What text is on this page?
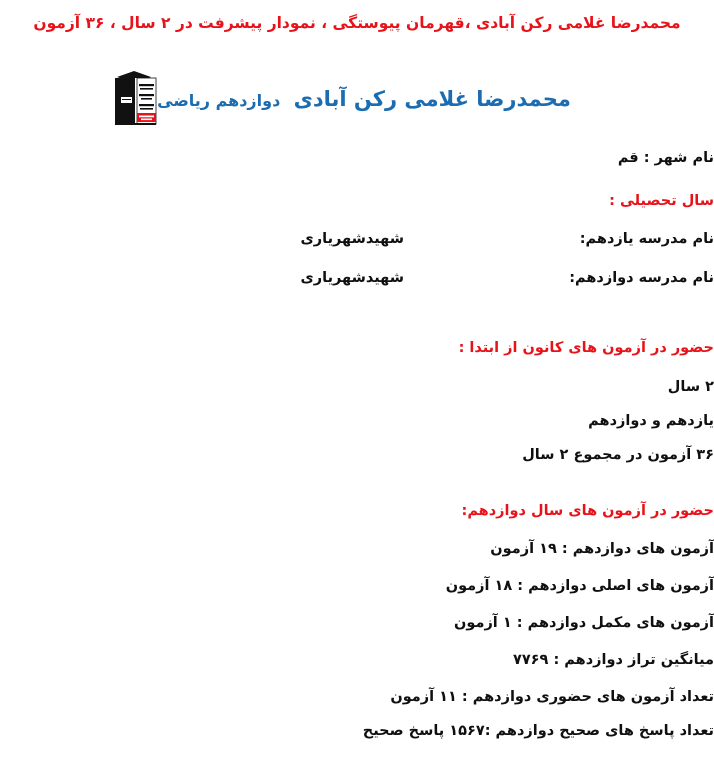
محمدرضا غلامی رکن آبادی ،قهرمان پیوستگی ، نمودار پیشرفت در ۲ سال ، ۳۶ آزمون
محمدرضا غلامی رکن آبادی دوازدهم ریاضی
نام شهر : قم
سال تحصیلی :
نام مدرسه یازدهم:
شهیدشهریاری
نام مدرسه دوازدهم:
شهیدشهریاری
حضور در آزمون های کانون از ابتدا :
۲ سال
یازدهم و دوازدهم
۳۶ آزمون در مجموع ۲ سال
حضور در آزمون های سال دوازدهم:
آزمون های دوازدهم : ۱۹ آزمون
آزمون های اصلی دوازدهم : ۱۸ آزمون
آزمون های مکمل دوازدهم : ۱ آزمون
میانگین تراز دوازدهم : ۷۷۶۹
تعداد آزمون های حضوری دوازدهم : ۱۱ آزمون
تعداد پاسخ های صحیح دوازدهم :۱۵۶۷ پاسخ صحیح
